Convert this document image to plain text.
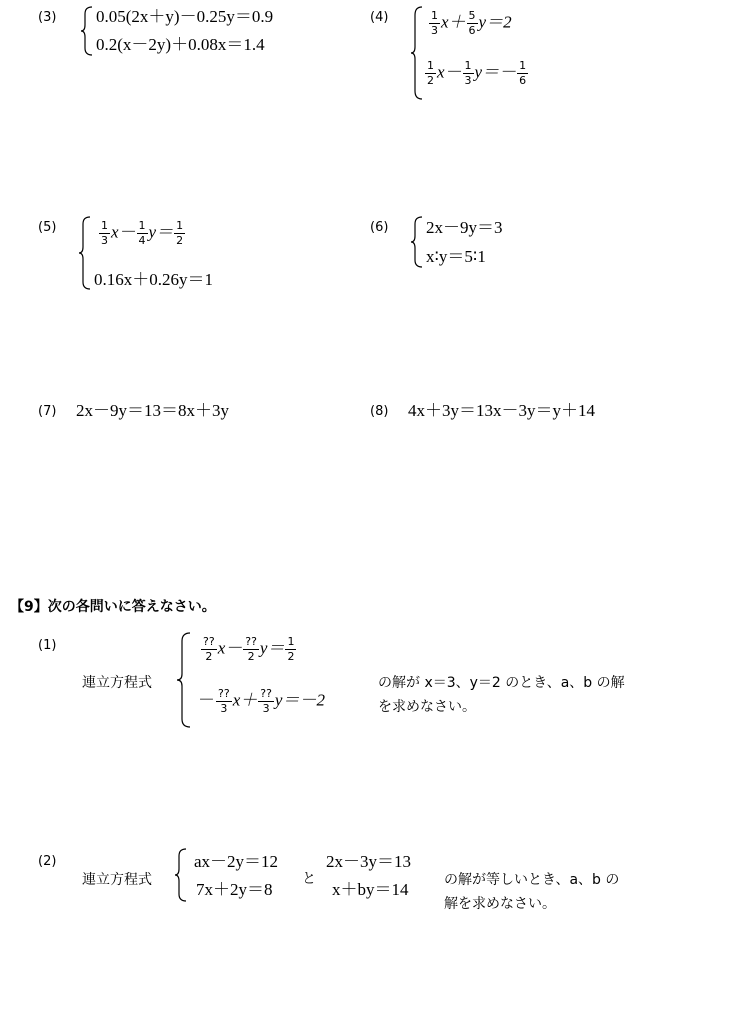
(3) 0.05(2x＋y)－0.25y＝0.9
0.2(x－2y)＋0.08x＝1.4
(4)	$\frac{1}{3} x+ \frac{5}{6} y=2$
$\frac{1}{2} x- \frac{1}{3} y=- \frac{1}{6}$
(5)	$\frac{1}{3} x- \frac{1}{4} y= \frac{1}{2}$
0.16x＋0.26y＝1
(6) 2x－9y＝3
x∶y＝5∶1
(7) 2x－9y＝13＝8x＋3y	(8) 4x＋3y＝13x－3y＝y＋14
【9】次の各問いに答えなさい。
(1)
連立方程式
$\frac{??}{2} x- \frac{??}{2} y= \frac{1}{2}$
－ $\frac{??}{3} x+ \frac{??}{3} y=-2$
の解が x＝3、y＝2 のとき、a、b の解
を求めなさい。
(2)
連立方程式
ax－2y＝12
7x＋2y＝8
と
2x－3y＝13
x＋by＝14	の解が等しいとき、a、b の
解を求めなさい。
